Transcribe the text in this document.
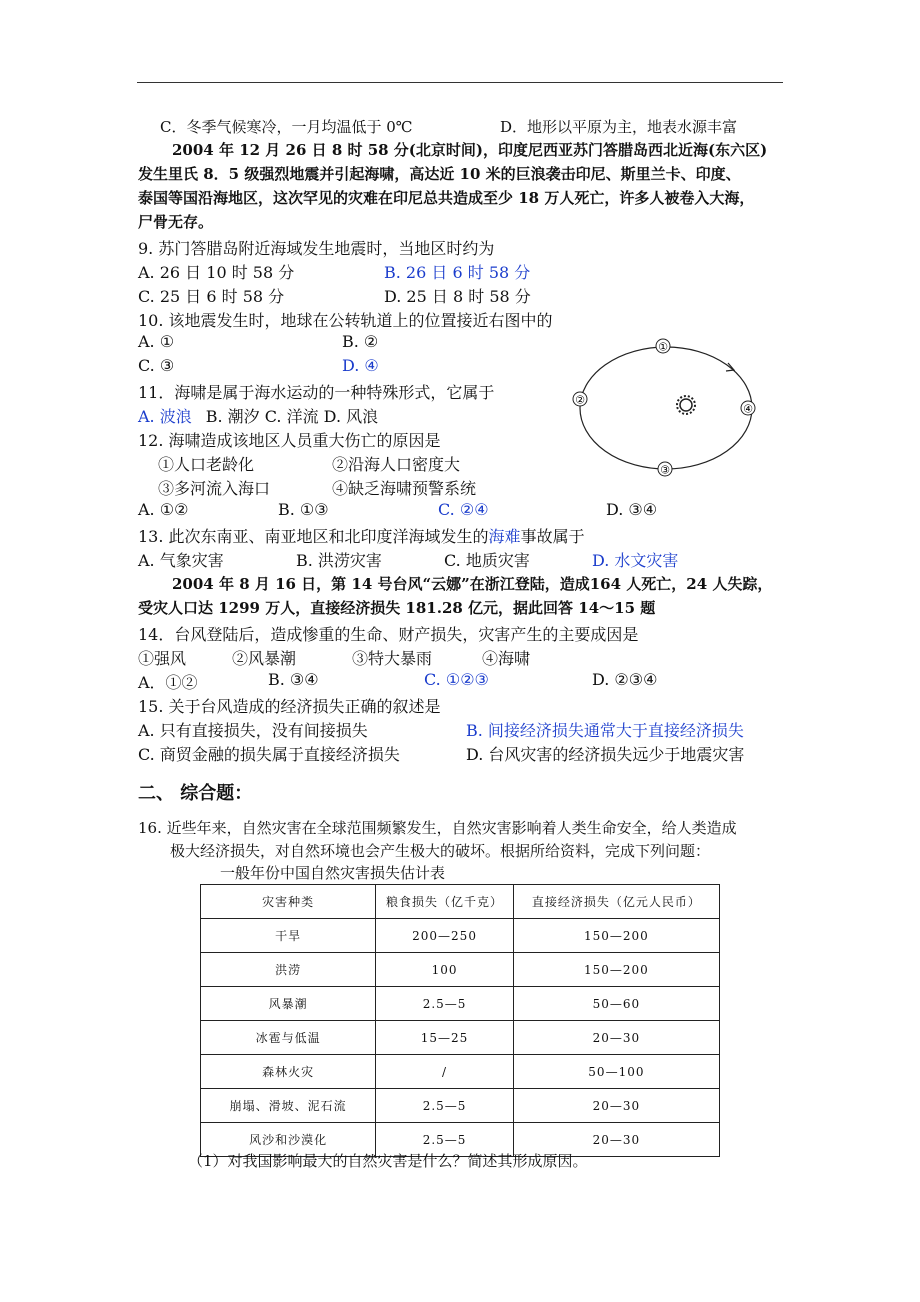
C．冬季气候寒冷，一月均温低于 0℃	D．地形以平原为主，地表水源丰富
2004 年 12 月 26 日 8 时 58 分(北京时间)，印度尼西亚苏门答腊岛西北近海(东六区)
发生里氏 8．5 级强烈地震并引起海啸，高达近 10 米的巨浪袭击印尼、斯里兰卡、印度、
泰国等国沿海地区，这次罕见的灾难在印尼总共造成至少 18 万人死亡，许多人被卷入大海，
尸骨无存。
9. 苏门答腊岛附近海域发生地震时，当地区时约为
A. 26 日 10 时 58 分	B. 26 日 6 时 58 分
C. 25 日 6 时 58 分	D. 25 日 8 时 58 分
10. 该地震发生时，地球在公转轨道上的位置接近右图中的
A. ①	B. ②
C. ③	D. ④
①
②
③
④
11．海啸是属于海水运动的一种特殊形式，它属于
A. 波浪 B. 潮汐 C. 洋流 D. 风浪
12. 海啸造成该地区人员重大伤亡的原因是
①人口老龄化	②沿海人口密度大
③多河流入海口	④缺乏海啸预警系统
A. ①②	B. ①③	C. ②④	D. ③④
13. 此次东南亚、南亚地区和北印度洋海域发生的海难事故属于
A. 气象灾害	B. 洪涝灾害	C. 地质灾害	D. 水文灾害
2004 年 8 月 16 日，第 14 号台风“云娜”在浙江登陆，造成164 人死亡，24 人失踪，
受灾人口达 1299 万人，直接经济损失 181.28 亿元，据此回答 14～15 题
14．台风登陆后，造成惨重的生命、财产损失，灾害产生的主要成因是
①强风	②风暴潮	③特大暴雨	④海啸
A．①②	B. ③④	C. ①②③	D. ②③④
15. 关于台风造成的经济损失正确的叙述是
A. 只有直接损失，没有间接损失	B. 间接经济损失通常大于直接经济损失
C. 商贸金融的损失属于直接经济损失	D. 台风灾害的经济损失远少于地震灾害
二、 综合题：
16. 近些年来，自然灾害在全球范围频繁发生，自然灾害影响着人类生命安全，给人类造成
极大经济损失，对自然环境也会产生极大的破坏。根据所给资料，完成下列问题：
一般年份中国自然灾害损失估计表
灾害种类	粮食损失（亿千克）	直接经济损失（亿元人民币）
干旱	200—250	150—200
洪涝	100	150—200
风暴潮	2.5—5	50—60
冰雹与低温	15—25	20—30
森林火灾	/	50—100
崩塌、滑坡、泥石流	2.5—5	20—30
风沙和沙漠化	2.5—5	20—30
（1）对我国影响最大的自然灾害是什么？简述其形成原因。
